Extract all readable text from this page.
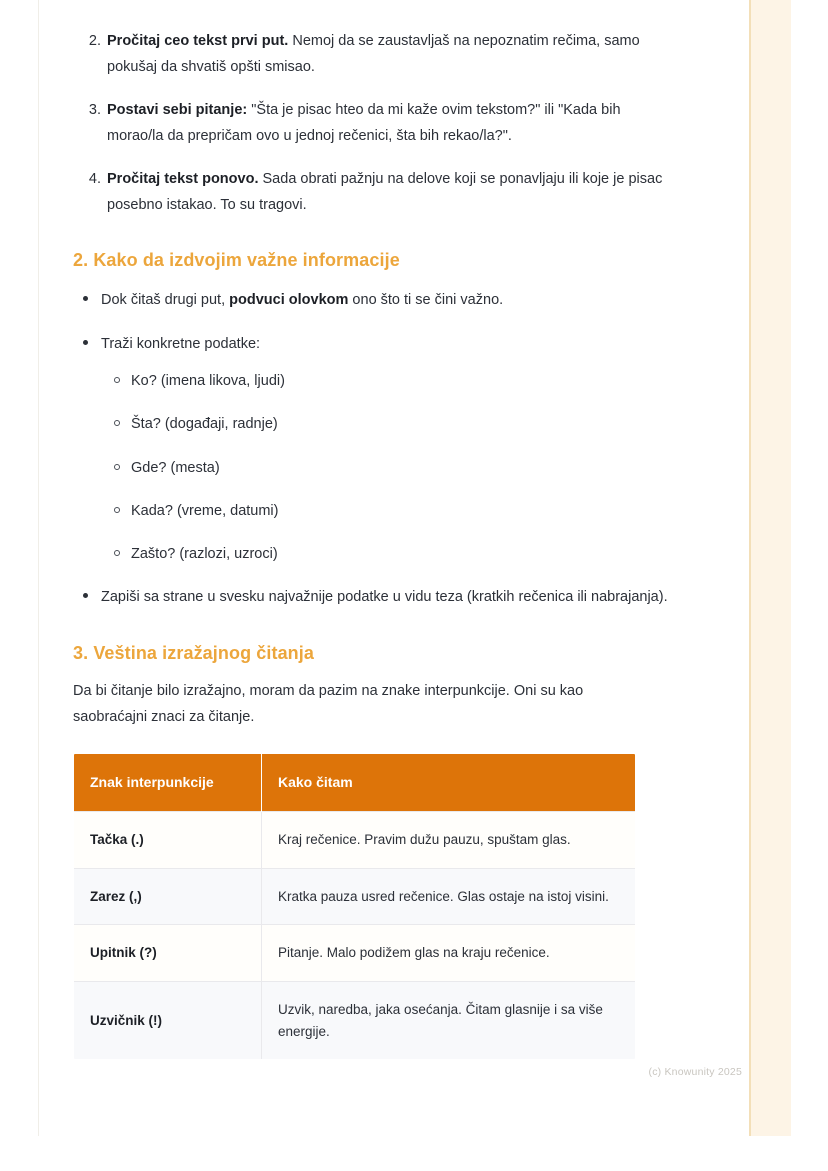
2. Pročitaj ceo tekst prvi put. Nemoj da se zaustavljaš na nepoznatim rečima, samo pokušaj da shvatiš opšti smisao.
3. Postavi sebi pitanje: "Šta je pisac hteo da mi kaže ovim tekstom?" ili "Kada bih morao/la da prepričam ovo u jednoj rečenici, šta bih rekao/la?".
4. Pročitaj tekst ponovo. Sada obrati pažnju na delove koji se ponavljaju ili koje je pisac posebno istakao. To su tragovi.
2. Kako da izdvojim važne informacije
Dok čitaš drugi put, podvuci olovkom ono što ti se čini važno.
Traži konkretne podatke:
Ko? (imena likova, ljudi)
Šta? (događaji, radnje)
Gde? (mesta)
Kada? (vreme, datumi)
Zašto? (razlozi, uzroci)
Zapiši sa strane u svesku najvažnije podatke u vidu teza (kratkih rečenica ili nabrajanja).
3. Veština izražajnog čitanja

Da bi čitanje bilo izražajno, moram da pazim na znake interpunkcije. Oni su kao saobraćajni znaci za čitanje.

Znak interpunkcije	Kako čitam
Tačka (.)	Kraj rečenice. Pravim dužu pauzu, spuštam glas.
Zarez (,)	Kratka pauza usred rečenice. Glas ostaje na istoj visini.
Upitnik (?)	Pitanje. Malo podižem glas na kraju rečenice.
Uzvičnik (!)	Uzvik, naredba, jaka osećanja. Čitam glasnije i sa više energije.
(c) Knowunity 2025
